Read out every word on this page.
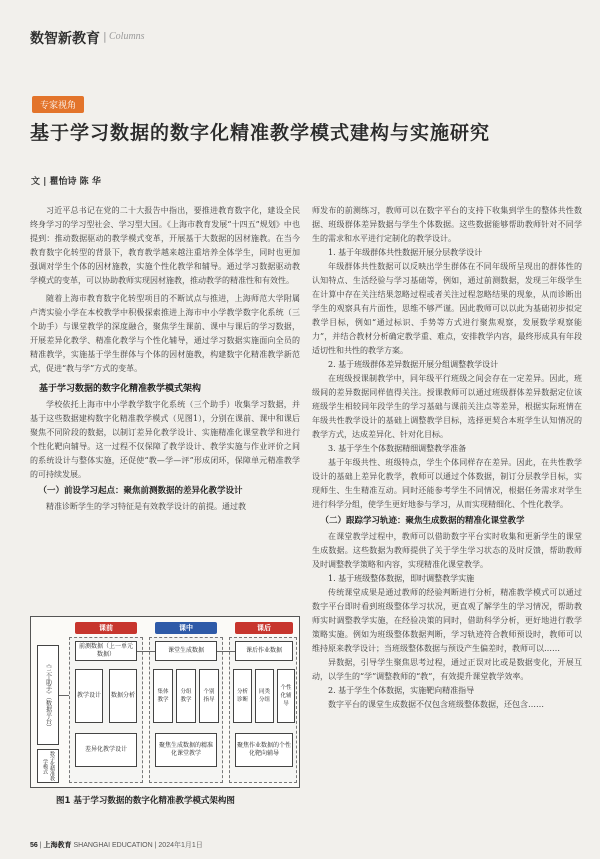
数智新教育 | Columns
专家视角
基于学习数据的数字化精准教学模式建构与实施研究
文 | 瞿怡诗 陈 华

习近平总书记在党的二十大报告中指出，要推进教育数字化，建设全民终身学习的学习型社会、学习型大国。《上海市教育发展“十四五”规划》中也提到：推动数据驱动的教学模式变革，开展基于大数据的因材施教。在当今教育数字化转型的背景下，教育教学越来越注重培养全体学生，同时也更加强调对学生个体的因材施教，实施个性化教学和辅导。通过学习数据驱动教学模式的变革，可以协助教师实现因材施教，推动教学的精准性和有效性。

随着上海市教育数字化转型项目的不断试点与推进，上海师范大学附属卢湾实验小学在本校教学中积极探索推进上海市中小学教学数字化系统（三个助手）与课堂教学的深度融合，聚焦学生课前、课中与课后的学习数据，开展差异化教学、精准化教学与个性化辅导，通过学习数据实施面向全员的精准教学，实施基于学生群体与个体的因材施教，构建数字化精准教学新范式，促进“教与学”方式的变革。

基于学习数据的数字化精准教学模式架构

学校依托上海市中小学教学数字化系统（三个助手）收集学习数据，并基于这些数据建构数字化精准教学模式（见图1），分别在课前、课中和课后聚焦不同阶段的数据，以制订差异化教学设计、实施精准化课堂教学和进行个性化靶向辅导。这一过程不仅保障了教学设计、教学实施与作业评价之间的系统设计与整体实施，还促使“教—学—评”形成闭环，保障单元精准教学的可持续发展。

（一）前设学习起点：聚焦前测数据的差异化教学设计

精准诊断学生的学习特征是有效教学设计的前提。通过教

《三个助手》（数据平台）
数字化精准教学模式
课前
前测数据（上一单元数据）
教学设计	数据分析
差异化教学设计
课中
课堂生成数据
集体教学
分组教学
个别指导
聚焦生成数据的精准化课堂教学
课后
课后作业数据
分析诊断
同类分组
个性化辅导
聚焦作业数据的个性化靶向辅导
图1 基于学习数据的数字化精准教学模式架构图

师发布的前测练习，教师可以在数字平台的支持下收集到学生的整体共性数据、班级群体差异数据与学生个体数据。这些数据能够帮助教师针对不同学生的需求和水平进行定制化的教学设计。

1. 基于年级群体共性数据开展分层教学设计

年级群体共性数据可以反映出学生群体在不同年级所呈现出的群体性的认知特点、生活经验与学习基础等，例如，通过前测数据，发现三年级学生在计算中存在关注结果忽略过程或者关注过程忽略结果的现象，从而诊断出学生的观察具有片面性，思维不够严谨。因此教师可以以此为基础初步拟定教学目标，例如“通过标识、手势等方式进行聚焦观察，发展数学观察能力”，并结合教材分析确定教学重、难点，安排教学内容，最终形成具有年段适切性和共性的教学方案。

2. 基于班级群体差异数据开展分组调整教学设计

在班级授课制教学中，同年级平行班级之间会存在一定差异。因此，班级间的差异数据同样值得关注。授课教师可以通过班级群体差异数据定位该班级学生相较同年段学生的学习基础与课前关注点等差异，根据实际班情在年级共性教学设计的基础上调整教学目标，选择更契合本班学生认知情况的教学方式，达成差异化、针对化目标。

3. 基于学生个体数据精细调整教学准备

基于年级共性、班级特点，学生个体同样存在差异。因此，在共性教学设计的基础上差异化教学，教师可以通过个体数据，制订分层教学目标，实现师生、生生精准互动。同时还能参考学生不同情况，根据任务需求对学生进行科学分组，使学生更好地参与学习，从而实现精细化、个性化教学。

（二）跟踪学习轨迹：聚焦生成数据的精准化课堂教学

在课堂教学过程中，教师可以借助数字平台实时收集和更新学生的课堂生成数据。这些数据为教师提供了关于学生学习状态的及时反馈，帮助教师及时调整教学策略和内容，实现精准化课堂教学。

1. 基于班级整体数据，即时调整教学实施

传统课堂成果是通过教师的经验判断进行分析，精准教学模式可以通过数字平台即时看到班级整体学习状况，更直观了解学生的学习情况，帮助教师实时调整教学实施，在经验决策的同时，借助科学分析，更好地进行教学策略实施。例如为班级整体数据判断，学习轨迹符合教师预设时，教师可以维持原来教学设计；当班级整体数据与预设产生偏差时，教师可以……

异数据，引导学生聚焦思考过程，通过正误对比或是数据变化，开展互动，以学生的“学”调整教师的“教”，有效提升课堂教学效率。

2. 基于学生个体数据，实施靶向精准指导

数字平台的课堂生成数据不仅包含班级整体数据，还包含……

56 | 上海教育 SHANGHAI EDUCATION | 2024年1月1日
